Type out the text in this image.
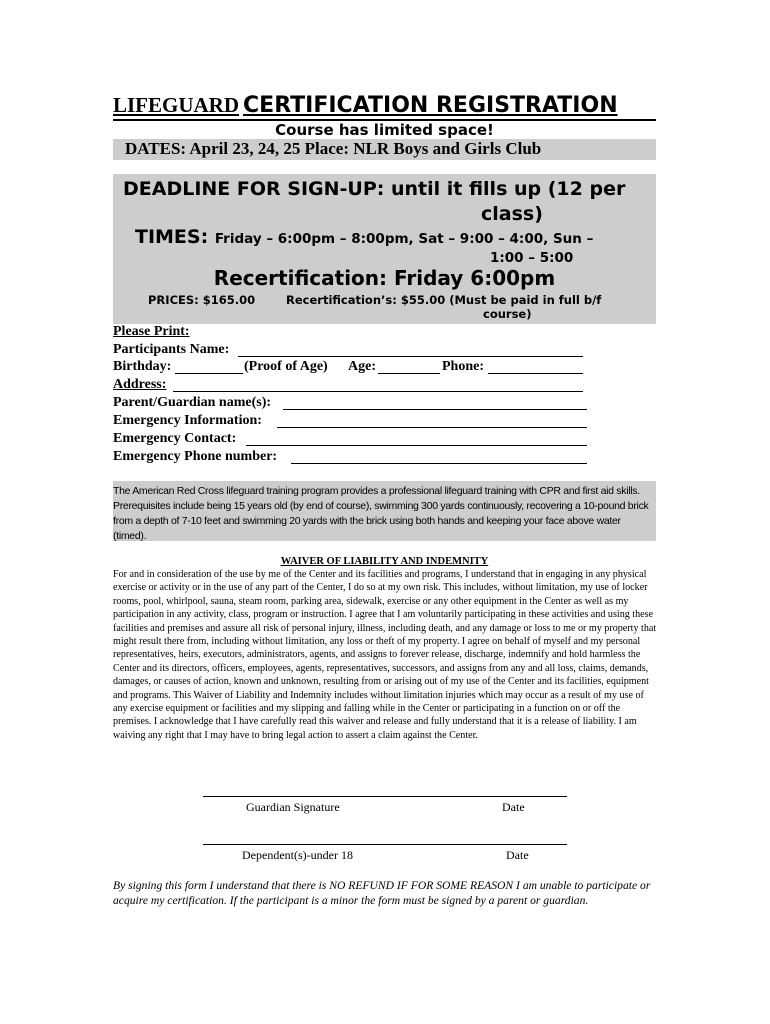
LIFEGUARD CERTIFICATION REGISTRATION
Course has limited space!
DATES: April 23, 24, 25 Place: NLR Boys and Girls Club
DEADLINE FOR SIGN-UP: until it fills up (12 per
class)
TIMES: Friday – 6:00pm – 8:00pm, Sat – 9:00 – 4:00, Sun –
1:00 – 5:00
Recertification: Friday 6:00pm
PRICES: $165.00	Recertification’s: $55.00 (Must be paid in full b/f
course)
Please Print:
Participants Name:
Birthday:	(Proof of Age) Age:	Phone:
Address:
Parent/Guardian name(s):
Emergency Information:
Emergency Contact:
Emergency Phone number:
The American Red Cross lifeguard training program provides a professional lifeguard training with CPR and first aid skills. Prerequisites include being 15 years old (by end of course), swimming 300 yards continuously, recovering a 10-pound brick from a depth of 7-10 feet and swimming 20 yards with the brick using both hands and keeping your face above water (timed).
WAIVER OF LIABILITY AND INDEMNITY
For and in consideration of the use by me of the Center and its facilities and programs, I understand that in engaging in any physical exercise or activity or in the use of any part of the Center, I do so at my own risk. This includes, without limitation, my use of locker rooms, pool, whirlpool, sauna, steam room, parking area, sidewalk, exercise or any other equipment in the Center as well as my participation in any activity, class, program or instruction. I agree that I am voluntarily participating in these activities and using these facilities and premises and assure all risk of personal injury, illness, including death, and any damage or loss to me or my property that might result there from, including without limitation, any loss or theft of my property. I agree on behalf of myself and my personal representatives, heirs, executors, administrators, agents, and assigns to forever release, discharge, indemnify and hold harmless the Center and its directors, officers, employees, agents, representatives, successors, and assigns from any and all loss, claims, demands, damages, or causes of action, known and unknown, resulting from or arising out of my use of the Center and its facilities, equipment and programs. This Waiver of Liability and Indemnity includes without limitation injuries which may occur as a result of my use of any exercise equipment or facilities and my slipping and falling while in the Center or participating in a function on or off the premises. I acknowledge that I have carefully read this waiver and release and fully understand that it is a release of liability. I am waiving any right that I may have to bring legal action to assert a claim against the Center.
Guardian Signature	Date
Dependent(s)-under 18	Date
By signing this form I understand that there is NO REFUND IF FOR SOME REASON I am unable to participate or acquire my certification. If the participant is a minor the form must be signed by a parent or guardian.
